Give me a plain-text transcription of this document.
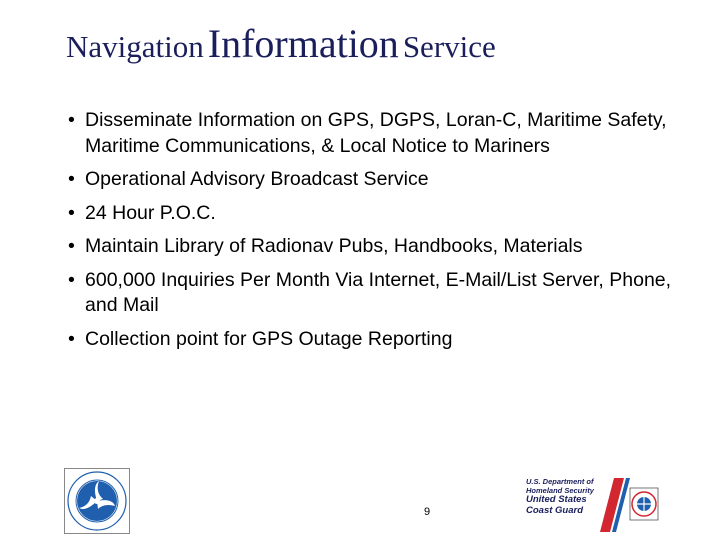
Navigation Information Service
• Disseminate Information on GPS, DGPS, Loran-C, Maritime Safety, Maritime Communications, & Local Notice to Mariners
• Operational Advisory Broadcast Service
• 24 Hour P.O.C.
• Maintain Library of Radionav Pubs, Handbooks, Materials
• 600,000 Inquiries Per Month Via Internet, E-Mail/List Server, Phone, and Mail
• Collection point for GPS Outage Reporting
9
U.S. Department of
Homeland Security
United States
Coast Guard
